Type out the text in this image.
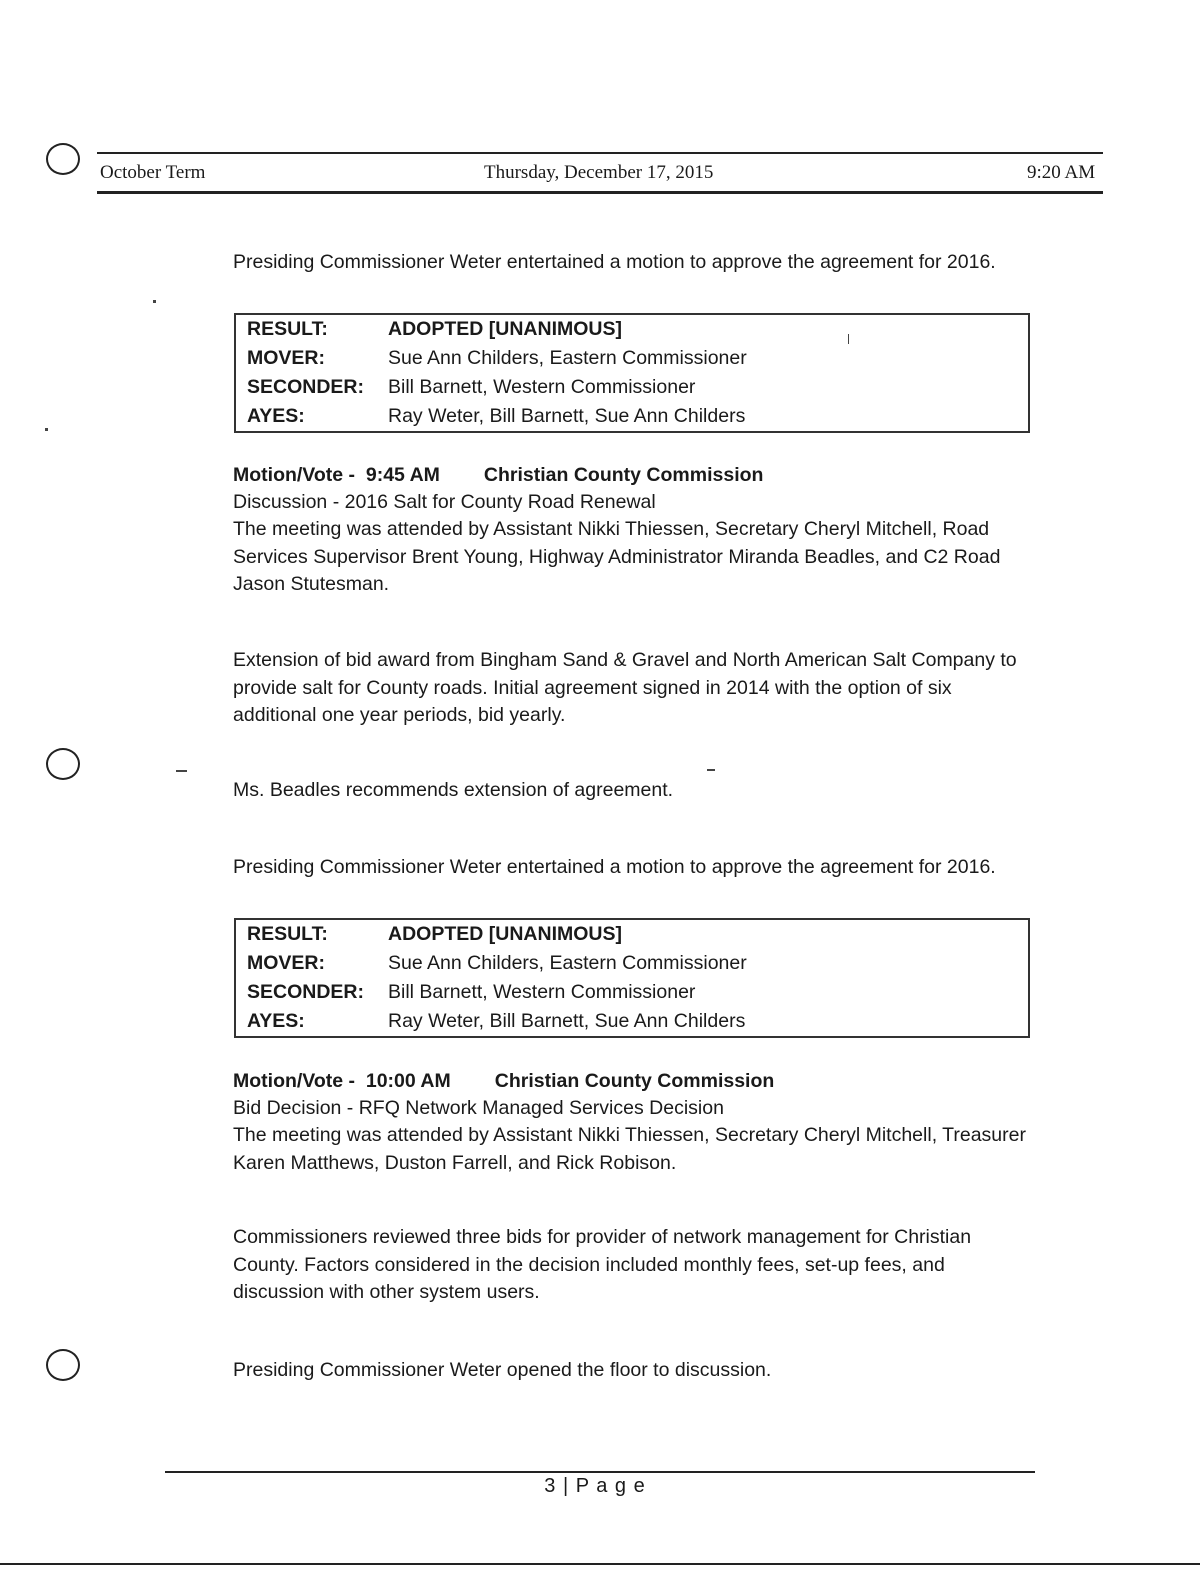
October Term	Thursday, December 17, 2015	9:20 AM

Presiding Commissioner Weter entertained a motion to approve the agreement for 2016.

RESULT:	ADOPTED [UNANIMOUS]
MOVER:	Sue Ann Childers, Eastern Commissioner
SECONDER:	Bill Barnett, Western Commissioner
AYES:	Ray Weter, Bill Barnett, Sue Ann Childers
Motion/Vote -  9:45 AM Christian County Commission

Discussion - 2016 Salt for County Road Renewal

The meeting was attended by Assistant Nikki Thiessen, Secretary Cheryl Mitchell, Road Services Supervisor Brent Young, Highway Administrator Miranda Beadles, and C2 Road Jason Stutesman.

Extension of bid award from Bingham Sand & Gravel and North American Salt Company to provide salt for County roads. Initial agreement signed in 2014 with the option of six additional one year periods, bid yearly.

Ms. Beadles recommends extension of agreement.

Presiding Commissioner Weter entertained a motion to approve the agreement for 2016.

RESULT:	ADOPTED [UNANIMOUS]
MOVER:	Sue Ann Childers, Eastern Commissioner
SECONDER:	Bill Barnett, Western Commissioner
AYES:	Ray Weter, Bill Barnett, Sue Ann Childers
Motion/Vote -  10:00 AM Christian County Commission

Bid Decision - RFQ Network Managed Services Decision

The meeting was attended by Assistant Nikki Thiessen, Secretary Cheryl Mitchell, Treasurer Karen Matthews, Duston Farrell, and Rick Robison.

Commissioners reviewed three bids for provider of network management for Christian County. Factors considered in the decision included monthly fees, set-up fees, and discussion with other system users.

Presiding Commissioner Weter opened the floor to discussion.

3 | P a g e
